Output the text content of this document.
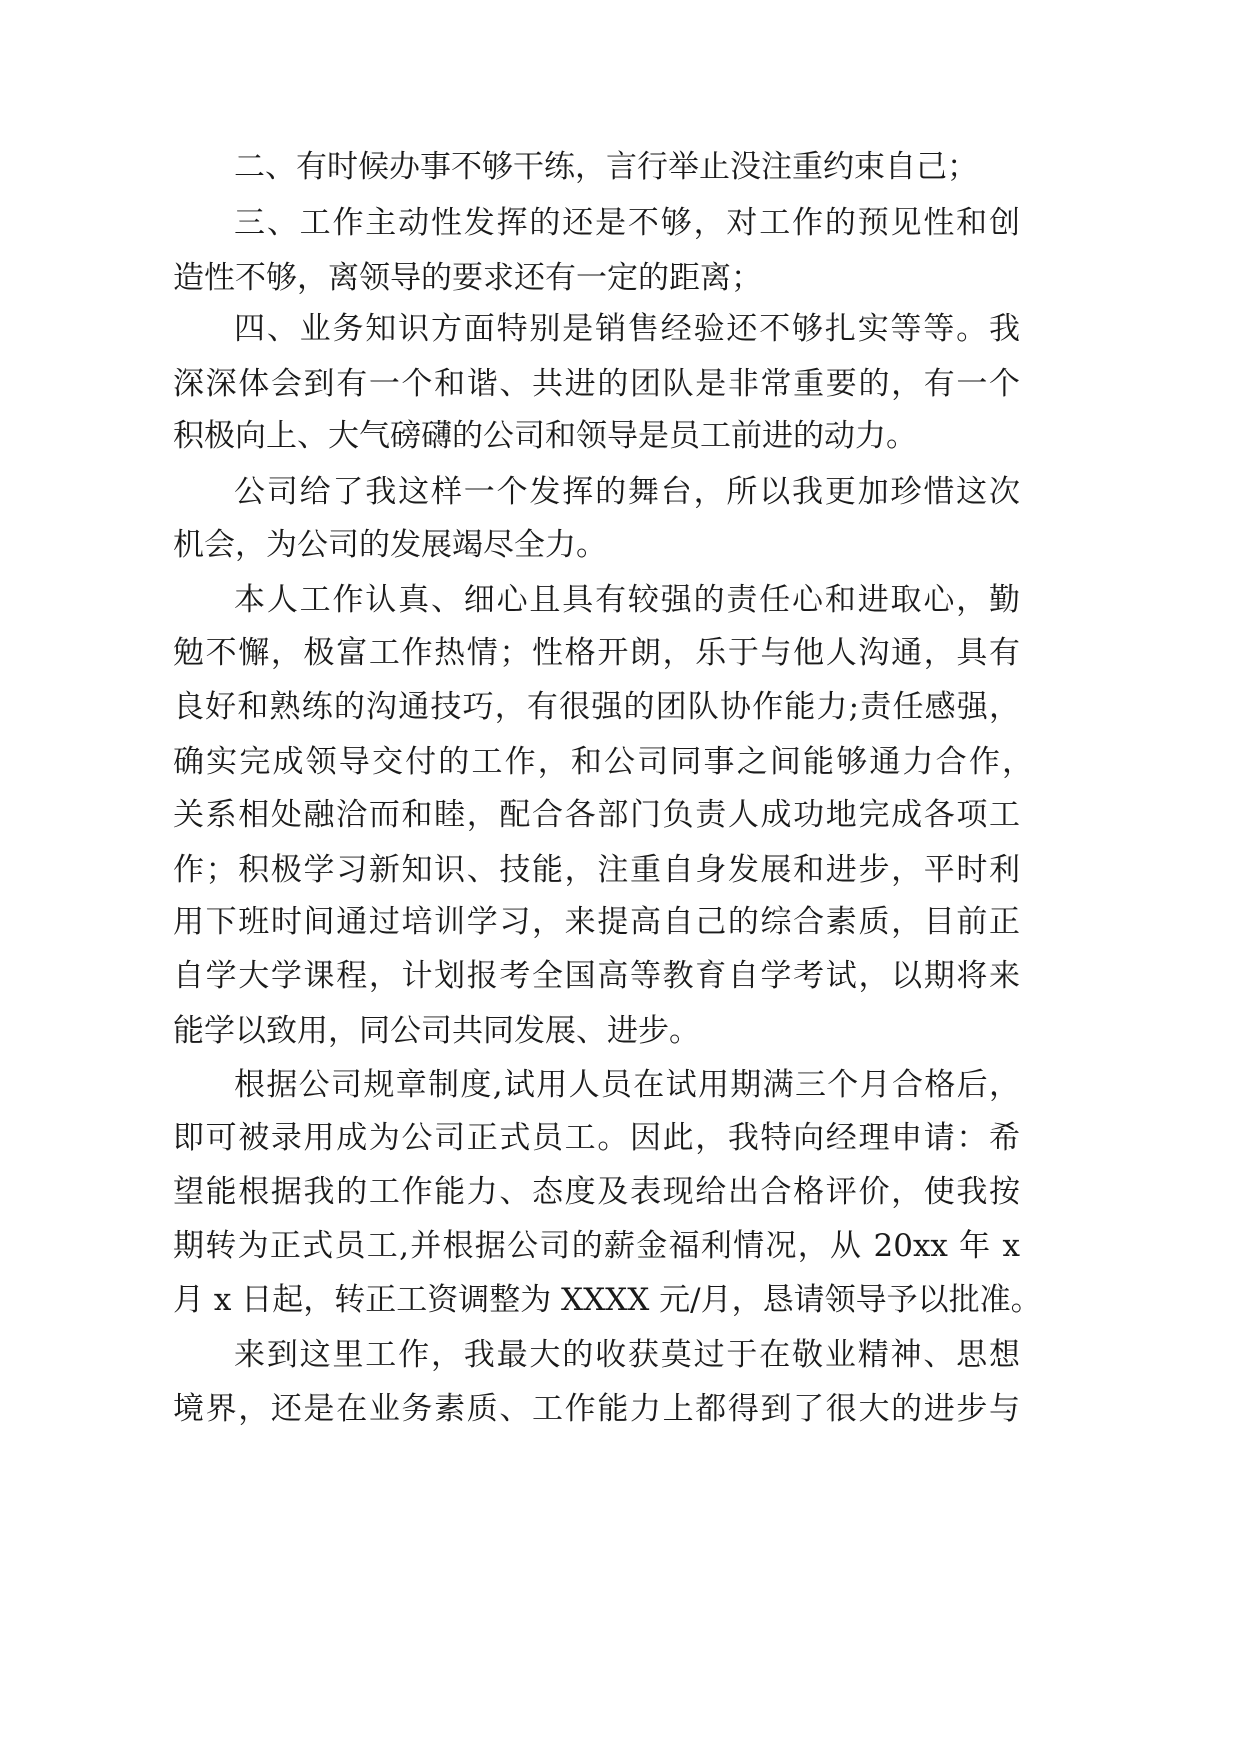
二、有时候办事不够干练，言行举止没注重约束自己；

三、工作主动性发挥的还是不够，对工作的预见性和创

造性不够，离领导的要求还有一定的距离；

四、业务知识方面特别是销售经验还不够扎实等等。我

深深体会到有一个和谐、共进的团队是非常重要的，有一个

积极向上、大气磅礴的公司和领导是员工前进的动力。

公司给了我这样一个发挥的舞台，所以我更加珍惜这次

机会，为公司的发展竭尽全力。

本人工作认真、细心且具有较强的责任心和进取心，勤

勉不懈，极富工作热情；性格开朗，乐于与他人沟通，具有

良好和熟练的沟通技巧，有很强的团队协作能力;责任感强，

确实完成领导交付的工作，和公司同事之间能够通力合作，

关系相处融洽而和睦，配合各部门负责人成功地完成各项工

作；积极学习新知识、技能，注重自身发展和进步，平时利

用下班时间通过培训学习，来提高自己的综合素质，目前正

自学大学课程，计划报考全国高等教育自学考试，以期将来

能学以致用，同公司共同发展、进步。

根据公司规章制度,试用人员在试用期满三个月合格后，

即可被录用成为公司正式员工。因此，我特向经理申请：希

望能根据我的工作能力、态度及表现给出合格评价，使我按

期转为正式员工,并根据公司的薪金福利情况，从 20xx 年 x

月 x 日起，转正工资调整为 XXXX 元/月，恳请领导予以批准。

来到这里工作，我最大的收获莫过于在敬业精神、思想

境界，还是在业务素质、工作能力上都得到了很大的进步与
